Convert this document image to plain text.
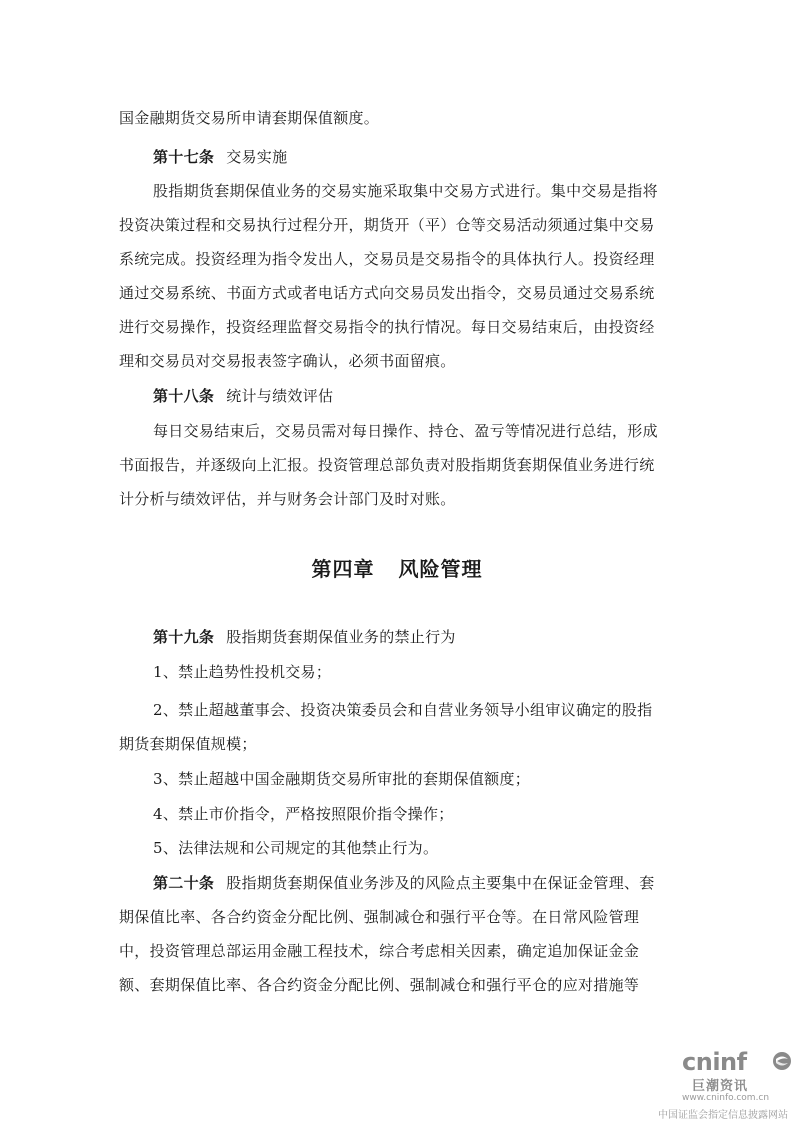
国金融期货交易所申请套期保值额度。
第十七条 交易实施
股指期货套期保值业务的交易实施采取集中交易方式进行。集中交易是指将
投资决策过程和交易执行过程分开，期货开（平）仓等交易活动须通过集中交易
系统完成。投资经理为指令发出人，交易员是交易指令的具体执行人。投资经理
通过交易系统、书面方式或者电话方式向交易员发出指令，交易员通过交易系统
进行交易操作，投资经理监督交易指令的执行情况。每日交易结束后，由投资经
理和交易员对交易报表签字确认，必须书面留痕。
第十八条 统计与绩效评估
每日交易结束后，交易员需对每日操作、持仓、盈亏等情况进行总结，形成
书面报告，并逐级向上汇报。投资管理总部负责对股指期货套期保值业务进行统
计分析与绩效评估，并与财务会计部门及时对账。
第四章 风险管理
第十九条 股指期货套期保值业务的禁止行为
1、禁止趋势性投机交易；
2、禁止超越董事会、投资决策委员会和自营业务领导小组审议确定的股指
期货套期保值规模；
3、禁止超越中国金融期货交易所审批的套期保值额度；
4、禁止市价指令，严格按照限价指令操作；
5、法律法规和公司规定的其他禁止行为。
第二十条 股指期货套期保值业务涉及的风险点主要集中在保证金管理、套
期保值比率、各合约资金分配比例、强制减仓和强行平仓等。在日常风险管理
中，投资管理总部运用金融工程技术，综合考虑相关因素，确定追加保证金金
额、套期保值比率、各合约资金分配比例、强制减仓和强行平仓的应对措施等
cninf
巨潮资讯
www.cninfo.com.cn
中国证监会指定信息披露网站
